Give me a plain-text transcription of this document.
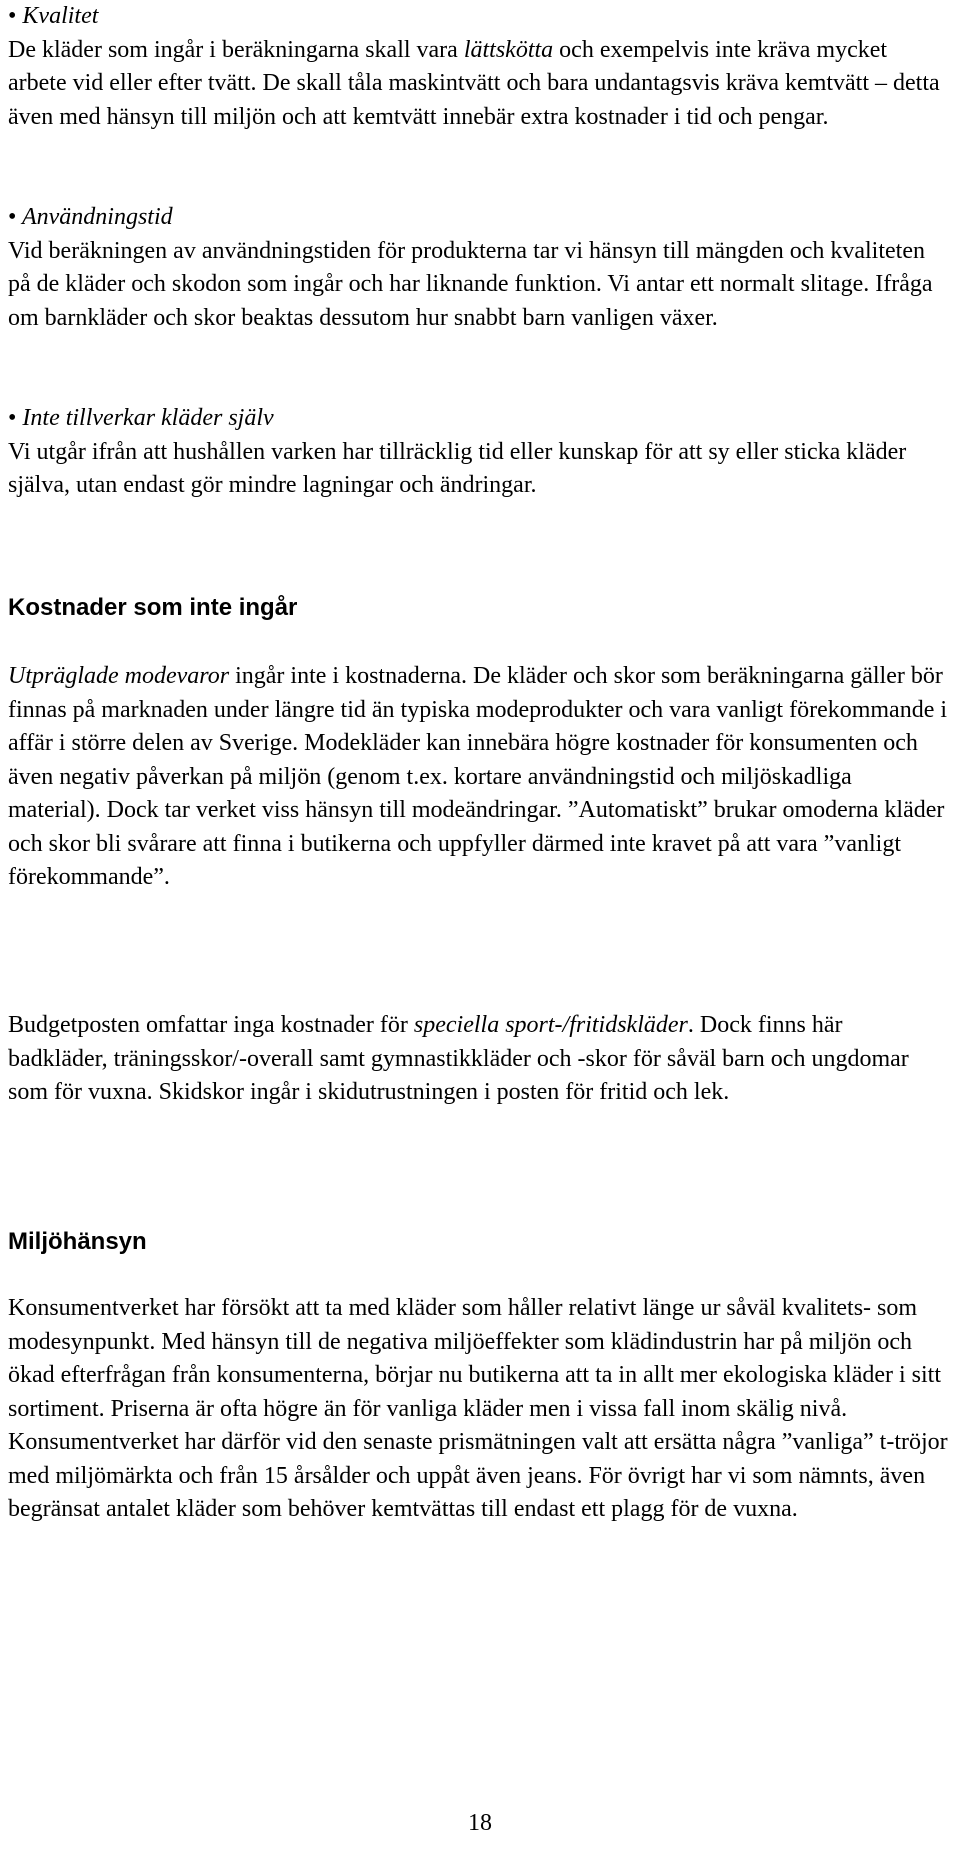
• Kvalitet

De kläder som ingår i beräkningarna skall vara lättskötta och exempelvis inte kräva mycket arbete vid eller efter tvätt. De skall tåla maskintvätt och bara undantagsvis kräva kemtvätt – detta även med hänsyn till miljön och att kemtvätt innebär extra kostnader i tid och pengar.

• Användningstid

Vid beräkningen av användningstiden för produkterna tar vi hänsyn till mängden och kvaliteten på de kläder och skodon som ingår och har liknande funktion. Vi antar ett normalt slitage. Ifråga om barnkläder och skor beaktas dessutom hur snabbt barn vanligen växer.

• Inte tillverkar kläder själv

Vi utgår ifrån att hushållen varken har tillräcklig tid eller kunskap för att sy eller sticka kläder själva, utan endast gör mindre lagningar och ändringar.

Kostnader som inte ingår

Utpräglade modevaror ingår inte i kostnaderna. De kläder och skor som beräkningarna gäller bör finnas på marknaden under längre tid än typiska modeprodukter och vara vanligt förekommande i affär i större delen av Sverige. Modekläder kan innebära högre kostnader för konsumenten och även negativ påverkan på miljön (genom t.ex. kortare användningstid och miljöskadliga material). Dock tar verket viss hänsyn till modeändringar. ”Automatiskt” brukar omoderna kläder och skor bli svårare att finna i butikerna och uppfyller därmed inte kravet på att vara ”vanligt förekommande”.

Budgetposten omfattar inga kostnader för speciella sport-/fritidskläder. Dock finns här badkläder, träningsskor/-overall samt gymnastikkläder och -skor för såväl barn och ungdomar som för vuxna. Skidskor ingår i skidutrustningen i posten för fritid och lek.

Miljöhänsyn

Konsumentverket har försökt att ta med kläder som håller relativt länge ur såväl kvalitets- som modesynpunkt. Med hänsyn till de negativa miljöeffekter som klädindustrin har på miljön och ökad efterfrågan från konsumenterna, börjar nu butikerna att ta in allt mer ekologiska kläder i sitt sortiment. Priserna är ofta högre än för vanliga kläder men i vissa fall inom skälig nivå. Konsumentverket har därför vid den senaste prismätningen valt att ersätta några ”vanliga” t-tröjor med miljömärkta och från 15 årsålder och uppåt även jeans. För övrigt har vi som nämnts, även begränsat antalet kläder som behöver kemtvättas till endast ett plagg för de vuxna.

18
